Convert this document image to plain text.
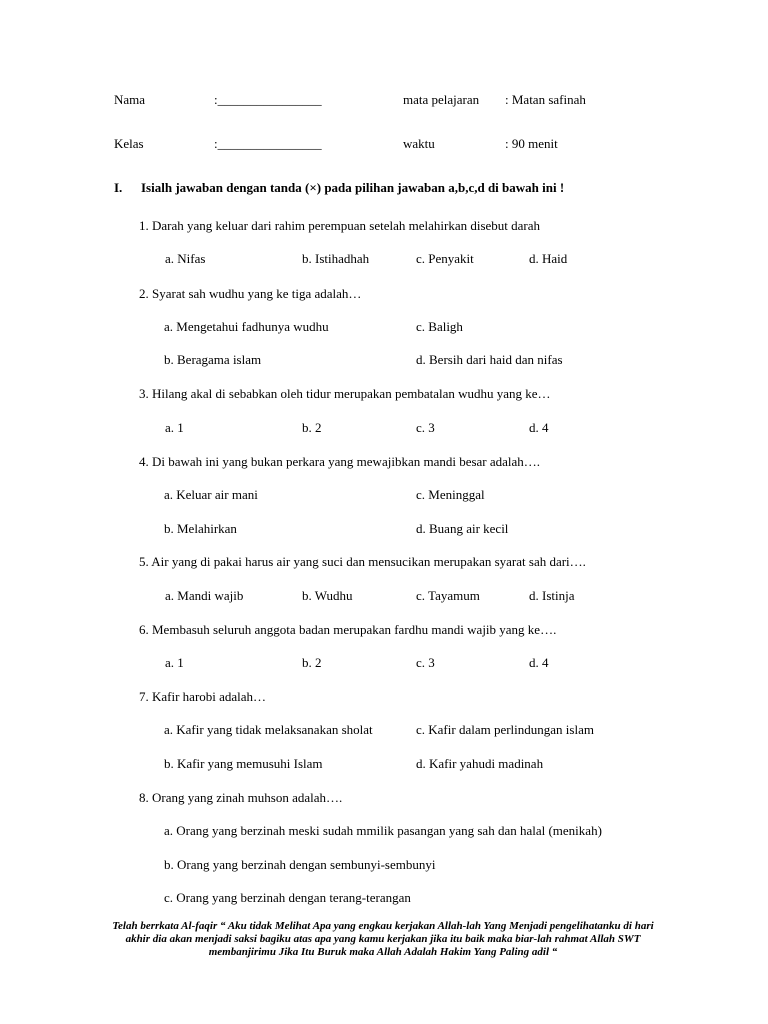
Nama	:________________	mata pelajaran : Matan safinah
Kelas	:________________	waktu	: 90 menit
I. Isialh jawaban dengan tanda (×) pada pilihan jawaban a,b,c,d di bawah ini !
1. Darah yang keluar dari rahim perempuan setelah melahirkan disebut darah
a. Nifas	b. Istihadhah	c. Penyakit	d. Haid
2. Syarat sah wudhu yang ke tiga adalah…
a. Mengetahui fadhunya wudhu	c. Baligh
b. Beragama islam	d. Bersih dari haid dan nifas
3. Hilang akal di sebabkan oleh tidur merupakan pembatalan wudhu yang ke…
a. 1	b. 2	c. 3	d. 4
4. Di bawah ini yang bukan perkara yang mewajibkan mandi besar adalah….
a. Keluar air mani	c. Meninggal
b. Melahirkan	d. Buang air kecil
5. Air yang di pakai harus air yang suci dan mensucikan merupakan syarat sah dari….
a. Mandi wajib	b. Wudhu	c. Tayamum	d. Istinja
6. Membasuh seluruh anggota badan merupakan fardhu mandi wajib yang ke….
a. 1	b. 2	c. 3	d. 4
7. Kafir harobi adalah…
a. Kafir yang tidak melaksanakan sholat	c. Kafir dalam perlindungan islam
b. Kafir yang memusuhi Islam	d. Kafir yahudi madinah
8. Orang yang zinah muhson adalah….
a. Orang yang berzinah meski sudah mmilik pasangan yang sah dan halal (menikah)
b. Orang yang berzinah dengan sembunyi-sembunyi
c. Orang yang berzinah dengan terang-terangan
Telah berrkata Al-faqir “ Aku tidak Melihat Apa yang engkau kerjakan Allah-lah Yang Menjadi pengelihatanku di hari akhir dia akan menjadi saksi bagiku atas apa yang kamu kerjakan jika itu baik maka biar-lah rahmat Allah SWT membanjirimu Jika Itu Buruk maka Allah Adalah Hakim Yang Paling adil “
